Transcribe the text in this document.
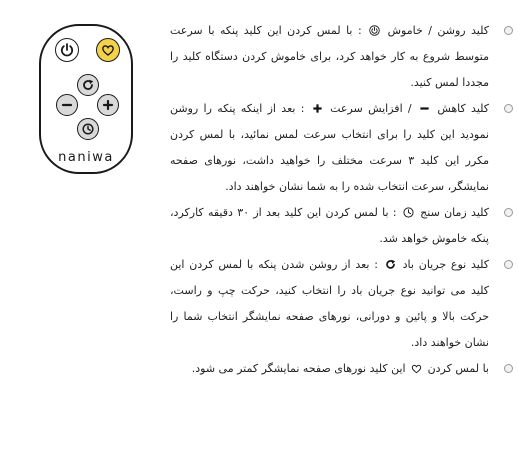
naniwa
کلید روشن / خاموش  : با لمس کردن این کلید پنکه با سرعت متوسط شروع به کار خواهد کرد، برای خاموش کردن دستگاه کلید را مجددا لمس کنید.
کلید کاهش  / افزایش سرعت  : بعد از اینکه پنکه را روشن نمودید این کلید را برای انتخاب سرعت لمس نمائید، با لمس کردن مکرر این کلید ۳ سرعت مختلف را خواهید داشت، نورهای صفحه نمایشگر، سرعت انتخاب شده را به شما نشان خواهند داد.
کلید زمان سنج  : با لمس کردن این کلید بعد از ۳۰ دقیقه کارکرد، پنکه خاموش خواهد شد.
کلید نوع جریان باد  : بعد از روشن شدن پنکه با لمس کردن این کلید می توانید نوع جریان باد را انتخاب کنید، حرکت چپ و راست، حرکت بالا و پائین و دورانی، نورهای صفحه نمایشگر انتخاب شما را نشان خواهند داد.
با لمس کردن  این کلید نورهای صفحه نمایشگر کمتر می شود.
